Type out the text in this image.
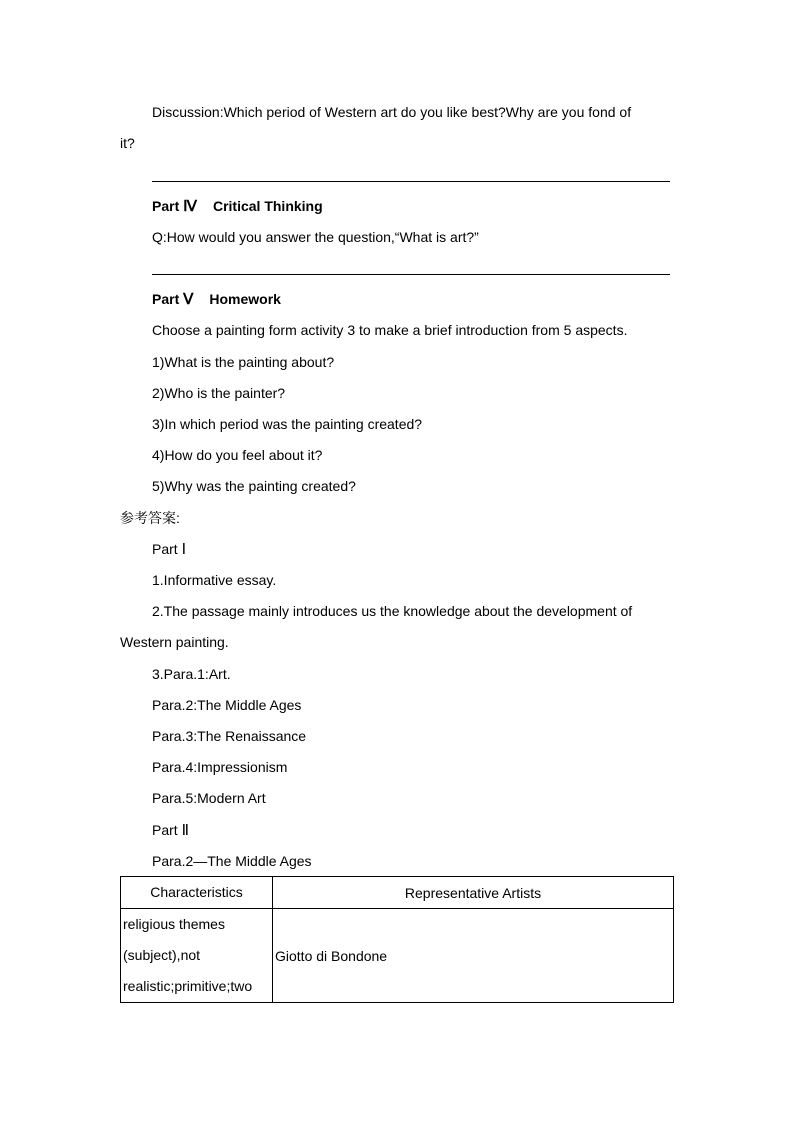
Discussion:Which period of Western art do you like best?Why are you fond of
it?
Part Ⅳ Critical Thinking
Q:How would you answer the question,“What is art?”
Part Ⅴ Homework
Choose a painting form activity 3 to make a brief introduction from 5 aspects.
1)What is the painting about?
2)Who is the painter?
3)In which period was the painting created?
4)How do you feel about it?
5)Why was the painting created?
参考答案:
Part Ⅰ
1.Informative essay.
2.The passage mainly introduces us the knowledge about the development of
Western painting.
3.Para.1:Art.
Para.2:The Middle Ages
Para.3:The Renaissance
Para.4:Impressionism
Para.5:Modern Art
Part Ⅱ
Para.2—The Middle Ages
Characteristics	Representative Artists

religious themes
(subject),not
realistic;primitive;two	Giotto di Bondone
